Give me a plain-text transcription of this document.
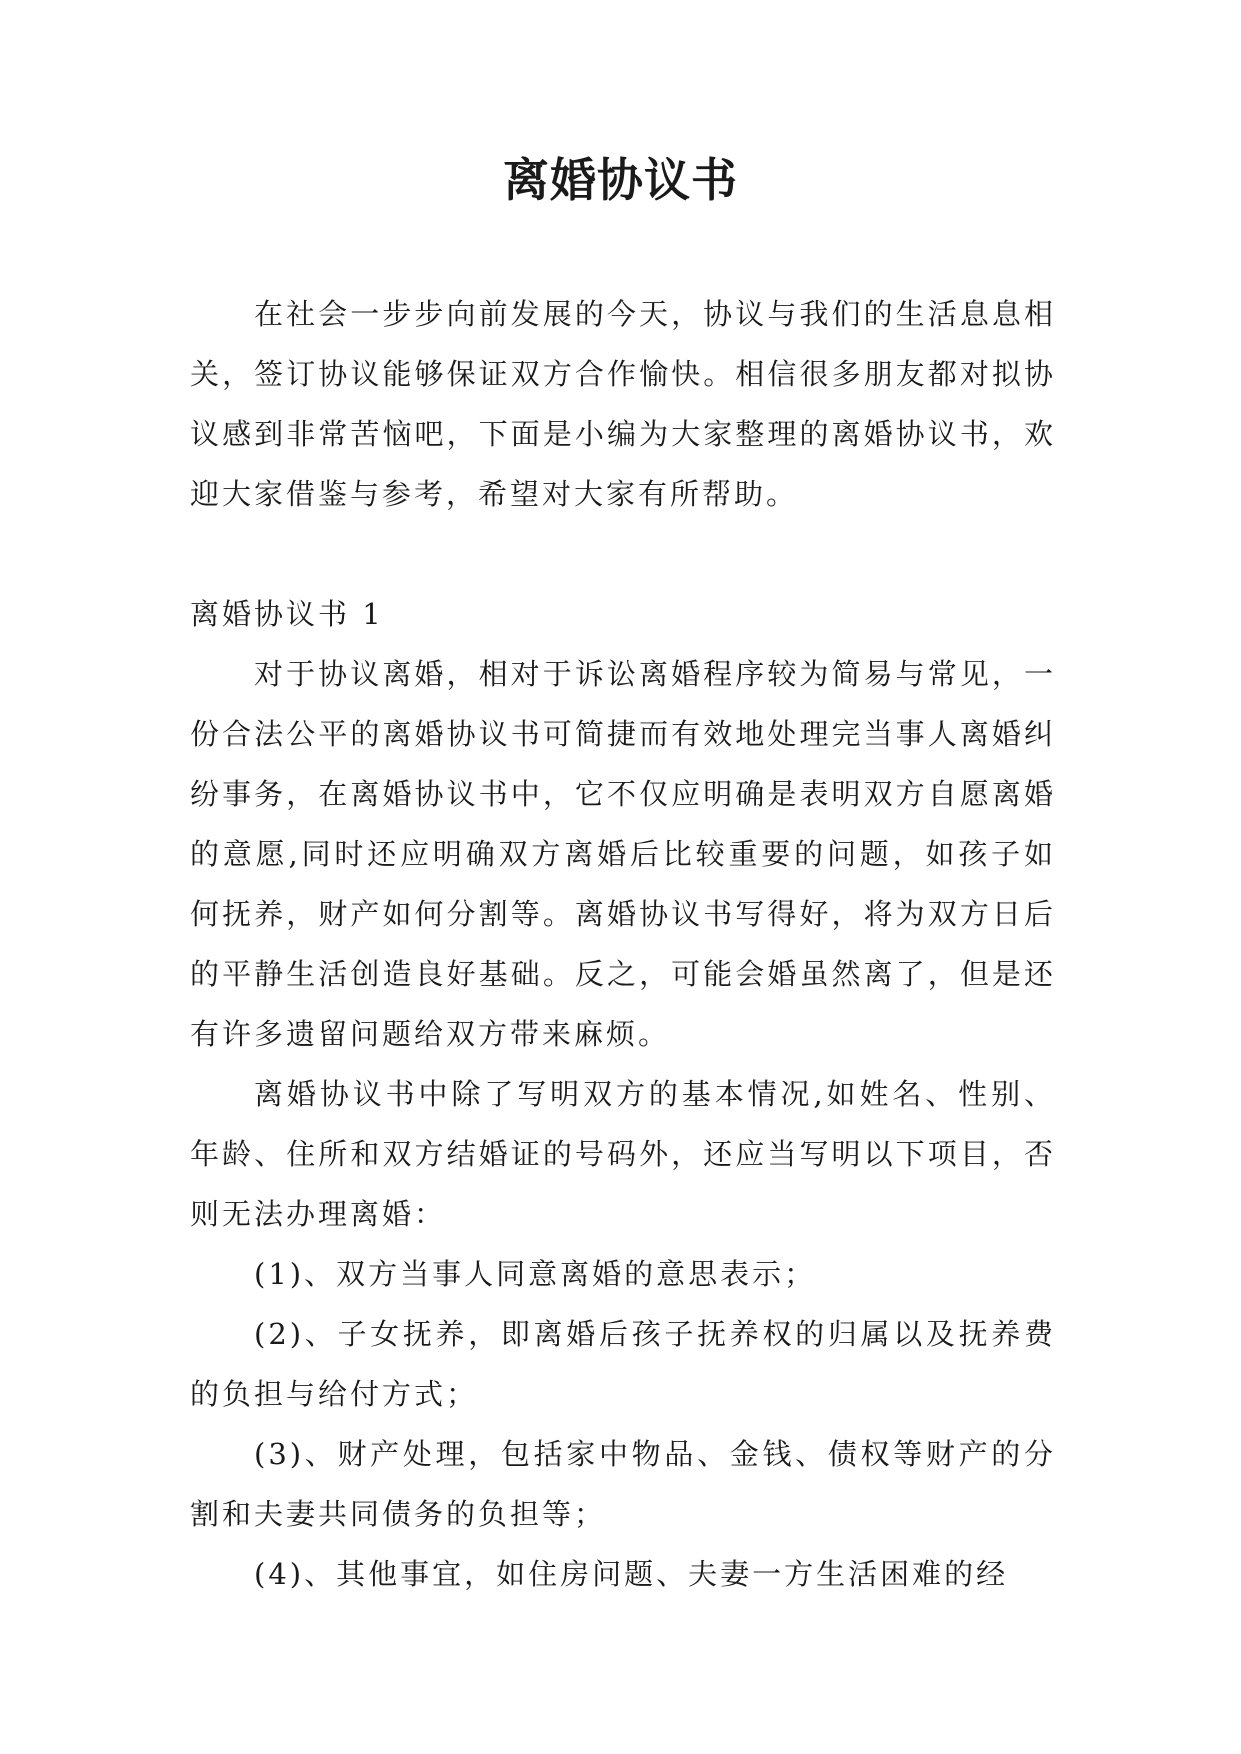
离婚协议书

在社会一步步向前发展的今天，协议与我们的生活息息相关，签订协议能够保证双方合作愉快。相信很多朋友都对拟协议感到非常苦恼吧，下面是小编为大家整理的离婚协议书，欢迎大家借鉴与参考，希望对大家有所帮助。

离婚协议书 1

对于协议离婚，相对于诉讼离婚程序较为简易与常见，一份合法公平的离婚协议书可简捷而有效地处理完当事人离婚纠纷事务，在离婚协议书中，它不仅应明确是表明双方自愿离婚的意愿,同时还应明确双方离婚后比较重要的问题，如孩子如何抚养，财产如何分割等。离婚协议书写得好，将为双方日后的平静生活创造良好基础。反之，可能会婚虽然离了，但是还有许多遗留问题给双方带来麻烦。

离婚协议书中除了写明双方的基本情况,如姓名、性别、年龄、住所和双方结婚证的号码外，还应当写明以下项目，否则无法办理离婚：

(1)、双方当事人同意离婚的意思表示；

(2)、子女抚养，即离婚后孩子抚养权的归属以及抚养费的负担与给付方式；

(3)、财产处理，包括家中物品、金钱、债权等财产的分割和夫妻共同债务的负担等；

(4)、其他事宜，如住房问题、夫妻一方生活困难的经
